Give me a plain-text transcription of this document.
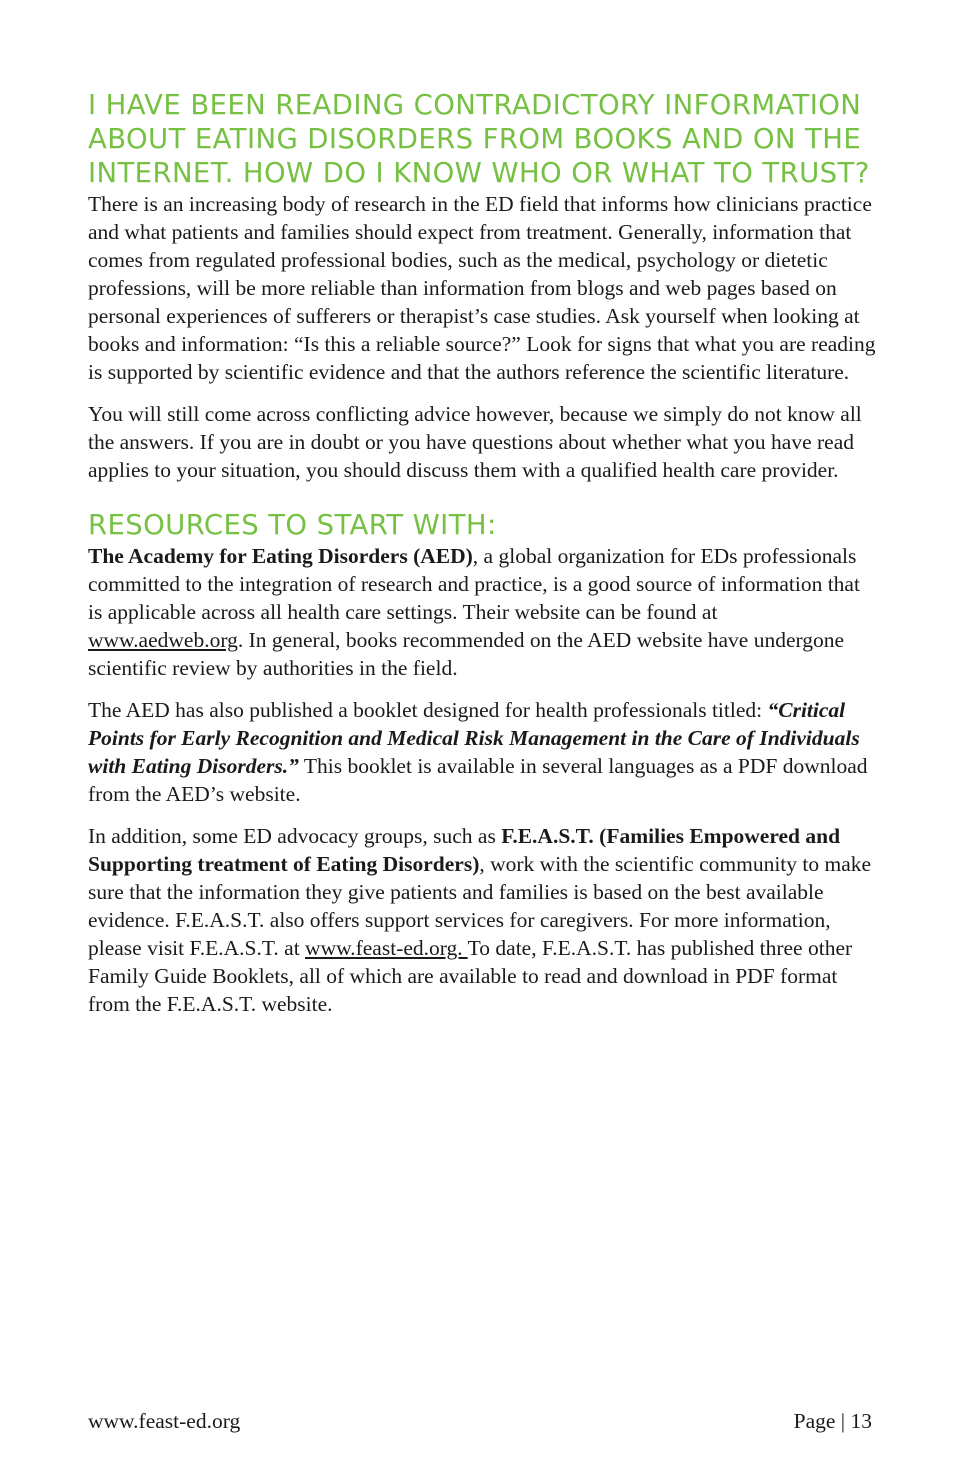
I HAVE BEEN READING CONTRADICTORY INFORMATION ABOUT EATING DISORDERS FROM BOOKS AND ON THE INTERNET. HOW DO I KNOW WHO OR WHAT TO TRUST?

There is an increasing body of research in the ED field that informs how clinicians practice and what patients and families should expect from treatment. Generally, information that comes from regulated professional bodies, such as the medical, psychology or dietetic professions, will be more reliable than information from blogs and web pages based on personal experiences of sufferers or therapist’s case studies. Ask yourself when looking at books and information: “Is this a reliable source?” Look for signs that what you are reading is supported by scientific evidence and that the authors reference the scientific literature.

You will still come across conflicting advice however, because we simply do not know all the answers. If you are in doubt or you have questions about whether what you have read applies to your situation, you should discuss them with a qualified health care provider.

RESOURCES TO START WITH:

The Academy for Eating Disorders (AED), a global organization for EDs professionals committed to the integration of research and practice, is a good source of information that is applicable across all health care settings. Their website can be found at www.aedweb.org. In general, books recommended on the AED website have undergone scientific review by authorities in the field.

The AED has also published a booklet designed for health professionals titled: “Critical Points for Early Recognition and Medical Risk Management in the Care of Individuals with Eating Disorders.” This booklet is available in several languages as a PDF download from the AED’s website.

In addition, some ED advocacy groups, such as F.E.A.S.T. (Families Empowered and Supporting treatment of Eating Disorders), work with the scientific community to make sure that the information they give patients and families is based on the best available evidence. F.E.A.S.T. also offers support services for caregivers. For more information, please visit F.E.A.S.T. at www.feast-ed.org. To date, F.E.A.S.T. has published three other Family Guide Booklets, all of which are available to read and download in PDF format from the F.E.A.S.T. website.

www.feast-ed.org	Page | 13
